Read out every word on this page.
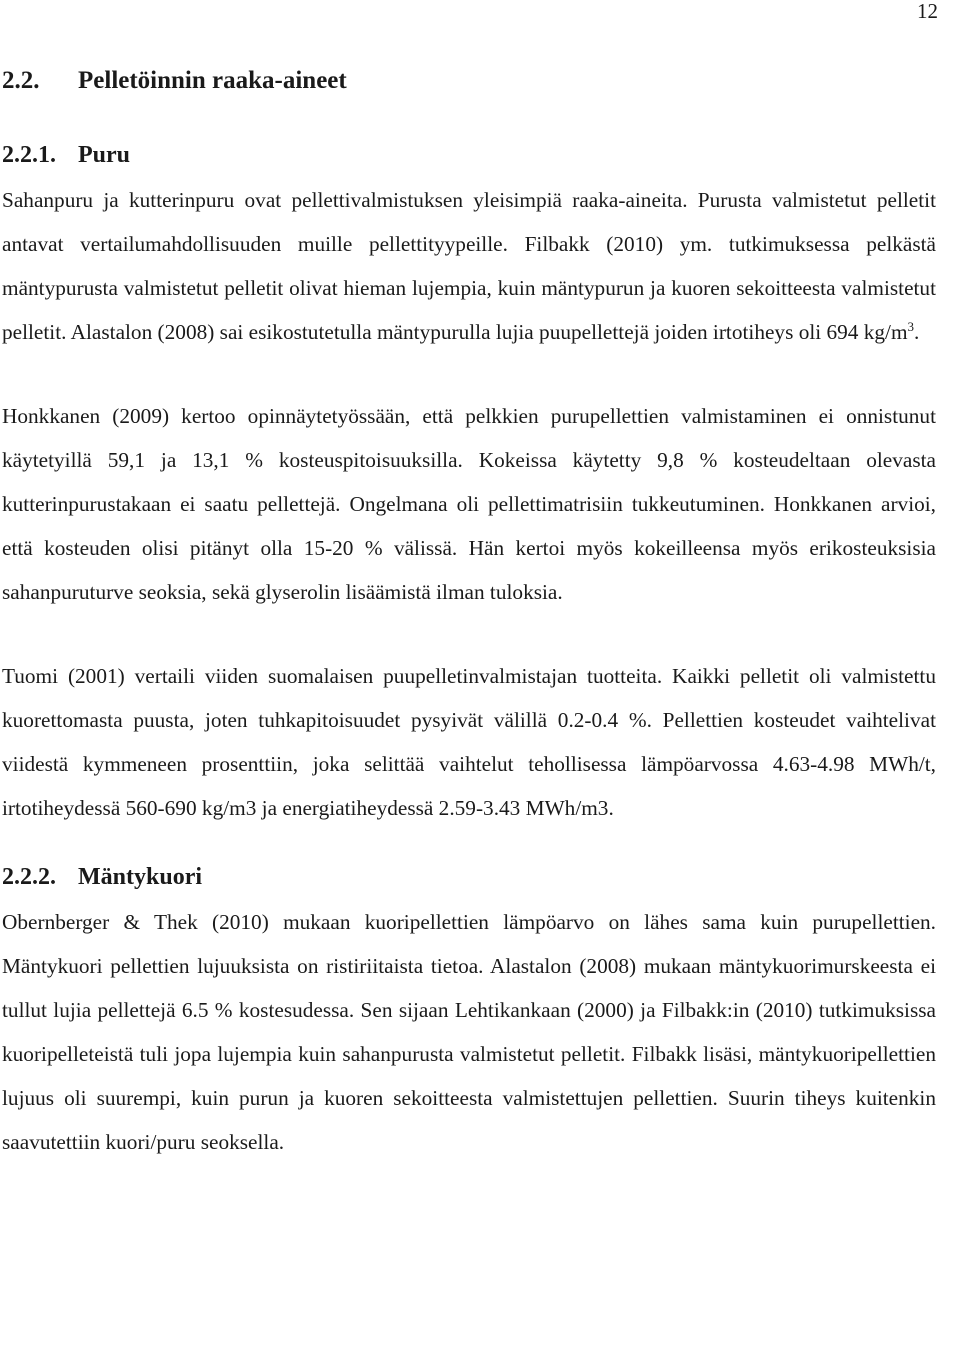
12
2.2. Pelletöinnin raaka-aineet
2.2.1. Puru

Sahanpuru ja kutterinpuru ovat pellettivalmistuksen yleisimpiä raaka-aineita. Purusta valmistetut pelletit antavat vertailumahdollisuuden muille pellettityypeille. Filbakk (2010) ym. tutkimuksessa pelkästä mäntypurusta valmistetut pelletit olivat hieman lujempia, kuin mäntypurun ja kuoren sekoitteesta valmistetut pelletit. Alastalon (2008) sai esikostutetulla mäntypurulla lujia puupellettejä joiden irtotiheys oli 694 $kg/m^3$.

Honkkanen (2009) kertoo opinnäytetyössään, että pelkkien purupellettien valmistaminen ei onnistunut käytetyillä 59,1 ja 13,1 % kosteuspitoisuuksilla. Kokeissa käytetty 9,8 % kosteudeltaan olevasta kutterinpurustakaan ei saatu pellettejä. Ongelmana oli pellettimatrisiin tukkeutuminen. Honkkanen arvioi, että kosteuden olisi pitänyt olla 15-20 % välissä. Hän kertoi myös kokeilleensa myös erikosteuksisia sahanpuruturve seoksia, sekä glyserolin lisäämistä ilman tuloksia.

Tuomi (2001) vertaili viiden suomalaisen puupelletinvalmistajan tuotteita. Kaikki pelletit oli valmistettu kuorettomasta puusta, joten tuhkapitoisuudet pysyivät välillä 0.2-0.4 %. Pellettien kosteudet vaihtelivat viidestä kymmeneen prosenttiin, joka selittää vaihtelut tehollisessa lämpöarvossa 4.63-4.98 MWh/t, irtotiheydessä 560-690 kg/m3 ja energiatiheydessä 2.59-3.43 MWh/m3.

2.2.2. Mäntykuori

Obernberger & Thek (2010) mukaan kuoripellettien lämpöarvo on lähes sama kuin purupellettien. Mäntykuori pellettien lujuuksista on ristiriitaista tietoa. Alastalon (2008) mukaan mäntykuorimurskeesta ei tullut lujia pellettejä 6.5 % kostesudessa. Sen sijaan Lehtikankaan (2000) ja Filbakk:in (2010) tutkimuksissa kuoripelleteistä tuli jopa lujempia kuin sahanpurusta valmistetut pelletit. Filbakk lisäsi, mäntykuoripellettien lujuus oli suurempi, kuin purun ja kuoren sekoitteesta valmistettujen pellettien. Suurin tiheys kuitenkin saavutettiin kuori/puru seoksella.
